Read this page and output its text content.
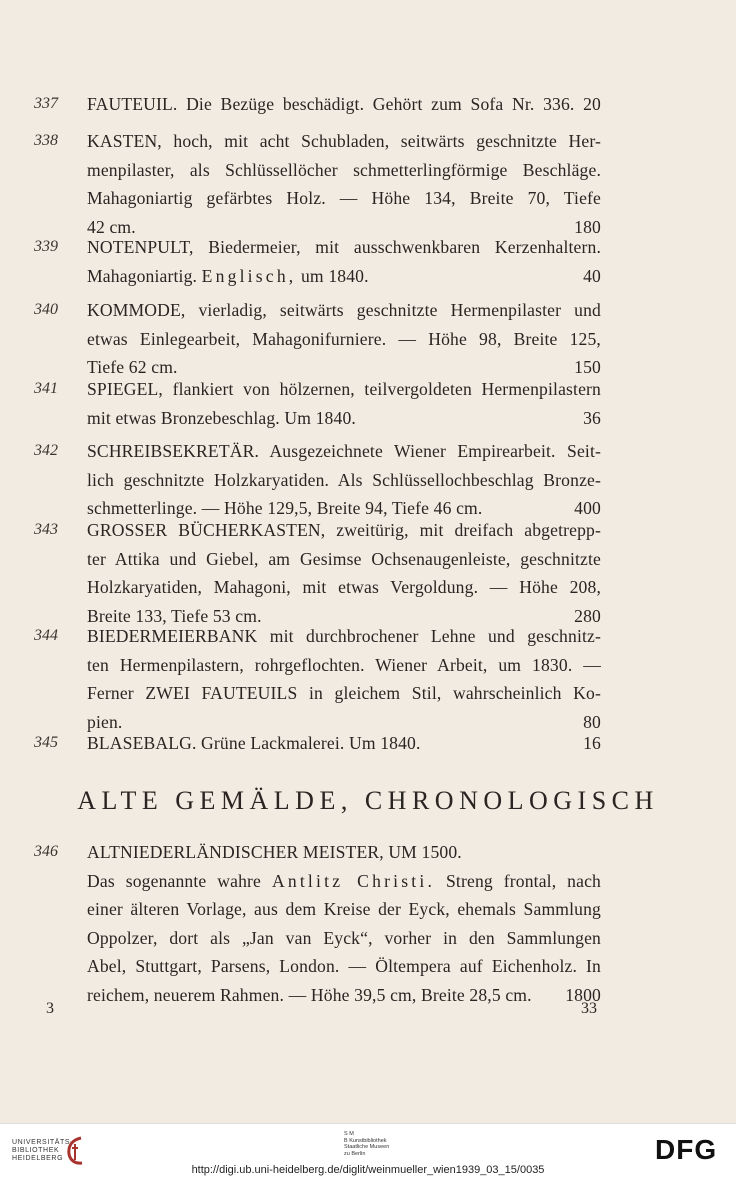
337 FAUTEUIL. Die Bezüge beschädigt. Gehört zum Sofa Nr. 336. 20
338 KASTEN, hoch, mit acht Schubladen, seitwärts geschnitzte Her-
menpilaster, als Schlüssellöcher schmetterlingförmige Beschläge.
Mahagoniartig gefärbtes Holz. — Höhe 134, Breite 70, Tiefe
42 cm.	180
339 NOTENPULT, Biedermeier, mit ausschwenkbaren Kerzenhaltern.
Mahagoniartig. Englisch, um 1840.	40
340 KOMMODE, vierladig, seitwärts geschnitzte Hermenpilaster und
etwas Einlegearbeit, Mahagonifurniere. — Höhe 98, Breite 125,
Tiefe 62 cm.	150
341 SPIEGEL, flankiert von hölzernen, teilvergoldeten Hermenpilastern
mit etwas Bronzebeschlag. Um 1840.	36
342 SCHREIBSEKRETÄR. Ausgezeichnete Wiener Empirearbeit. Seit-
lich geschnitzte Holzkaryatiden. Als Schlüssellochbeschlag Bronze-
schmetterlinge. — Höhe 129,5, Breite 94, Tiefe 46 cm.	400
343 GROSSER BÜCHERKASTEN, zweitürig, mit dreifach abgetrepp-
ter Attika und Giebel, am Gesimse Ochsenaugenleiste, geschnitzte
Holzkaryatiden, Mahagoni, mit etwas Vergoldung. — Höhe 208,
Breite 133, Tiefe 53 cm.	280
344 BIEDERMEIERBANK mit durchbrochener Lehne und geschnitz-
ten Hermenpilastern, rohrgeflochten. Wiener Arbeit, um 1830. —
Ferner ZWEI FAUTEUILS in gleichem Stil, wahrscheinlich Ko-
pien.	80
345 BLASEBALG. Grüne Lackmalerei. Um 1840.	16
ALTE GEMÄLDE, CHRONOLOGISCH
346 ALTNIEDERLÄNDISCHER MEISTER, UM 1500.
Das sogenannte wahre Antlitz Christi. Streng frontal, nach
einer älteren Vorlage, aus dem Kreise der Eyck, ehemals Sammlung
Oppolzer, dort als „Jan van Eyck“, vorher in den Sammlungen
Abel, Stuttgart, Parsens, London. — Öltempera auf Eichenholz. In
reichem, neuerem Rahmen. — Höhe 39,5 cm, Breite 28,5 cm. 1800
3	33
UNIVERSITÄTS-
BIBLIOTHEK
HEIDELBERG
S M
B Kunstbibliothek
Staatliche Museen
zu Berlin	DFG
http://digi.ub.uni-heidelberg.de/diglit/weinmueller_wien1939_03_15/0035
